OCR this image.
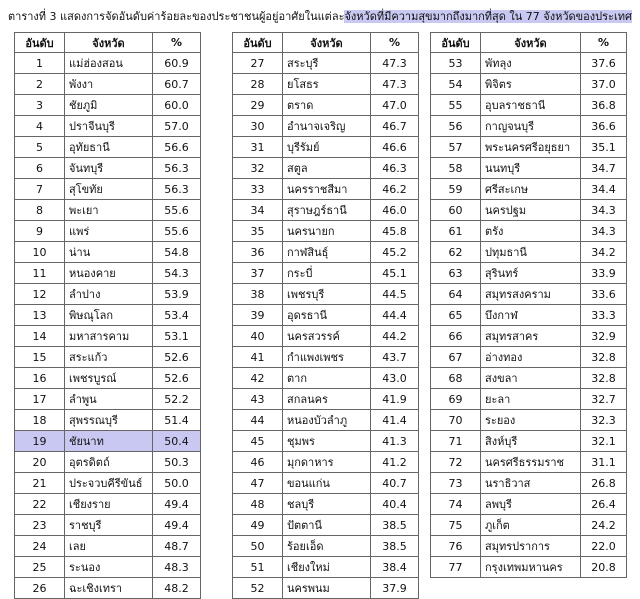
ตารางที่ 3 แสดงการจัดอันดับค่าร้อยละของประชาชนผู้อยู่อาศัยในแต่ละจังหวัดที่มีความสุขมากถึงมากที่สุด ใน 77 จังหวัดของประเทศ
อันดับ	จังหวัด	%
1	แม่ฮ่องสอน	60.9
2	พังงา	60.7
3	ชัยภูมิ	60.0
4	ปราจีนบุรี	57.0
5	อุทัยธานี	56.6
6	จันทบุรี	56.3
7	สุโขทัย	56.3
8	พะเยา	55.6
9	แพร่	55.6
10	น่าน	54.8
11	หนองคาย	54.3
12	ลำปาง	53.9
13	พิษณุโลก	53.4
14	มหาสารคาม	53.1
15	สระแก้ว	52.6
16	เพชรบูรณ์	52.6
17	ลำพูน	52.2
18	สุพรรณบุรี	51.4
19	ชัยนาท	50.4
20	อุตรดิตถ์	50.3
21	ประจวบคีรีขันธ์	50.0
22	เชียงราย	49.4
23	ราชบุรี	49.4
24	เลย	48.7
25	ระนอง	48.3
26	ฉะเชิงเทรา	48.2
อันดับ	จังหวัด	%
27	สระบุรี	47.3
28	ยโสธร	47.3
29	ตราด	47.0
30	อำนาจเจริญ	46.7
31	บุรีรัมย์	46.6
32	สตูล	46.3
33	นครราชสีมา	46.2
34	สุราษฎร์ธานี	46.0
35	นครนายก	45.8
36	กาฬสินธุ์	45.2
37	กระบี่	45.1
38	เพชรบุรี	44.5
39	อุดรธานี	44.4
40	นครสวรรค์	44.2
41	กำแพงเพชร	43.7
42	ตาก	43.0
43	สกลนคร	41.9
44	หนองบัวลำภู	41.4
45	ชุมพร	41.3
46	มุกดาหาร	41.2
47	ขอนแก่น	40.7
48	ชลบุรี	40.4
49	ปัตตานี	38.5
50	ร้อยเอ็ด	38.5
51	เชียงใหม่	38.4
52	นครพนม	37.9
อันดับ	จังหวัด	%
53	พัทลุง	37.6
54	พิจิตร	37.0
55	อุบลราชธานี	36.8
56	กาญจนบุรี	36.6
57	พระนครศรีอยุธยา	35.1
58	นนทบุรี	34.7
59	ศรีสะเกษ	34.4
60	นครปฐม	34.3
61	ตรัง	34.3
62	ปทุมธานี	34.2
63	สุรินทร์	33.9
64	สมุทรสงคราม	33.6
65	บึงกาฬ	33.3
66	สมุทรสาคร	32.9
67	อ่างทอง	32.8
68	สงขลา	32.8
69	ยะลา	32.7
70	ระยอง	32.3
71	สิงห์บุรี	32.1
72	นครศรีธรรมราช	31.1
73	นราธิวาส	26.8
74	ลพบุรี	26.4
75	ภูเก็ต	24.2
76	สมุทรปราการ	22.0
77	กรุงเทพมหานคร	20.8
